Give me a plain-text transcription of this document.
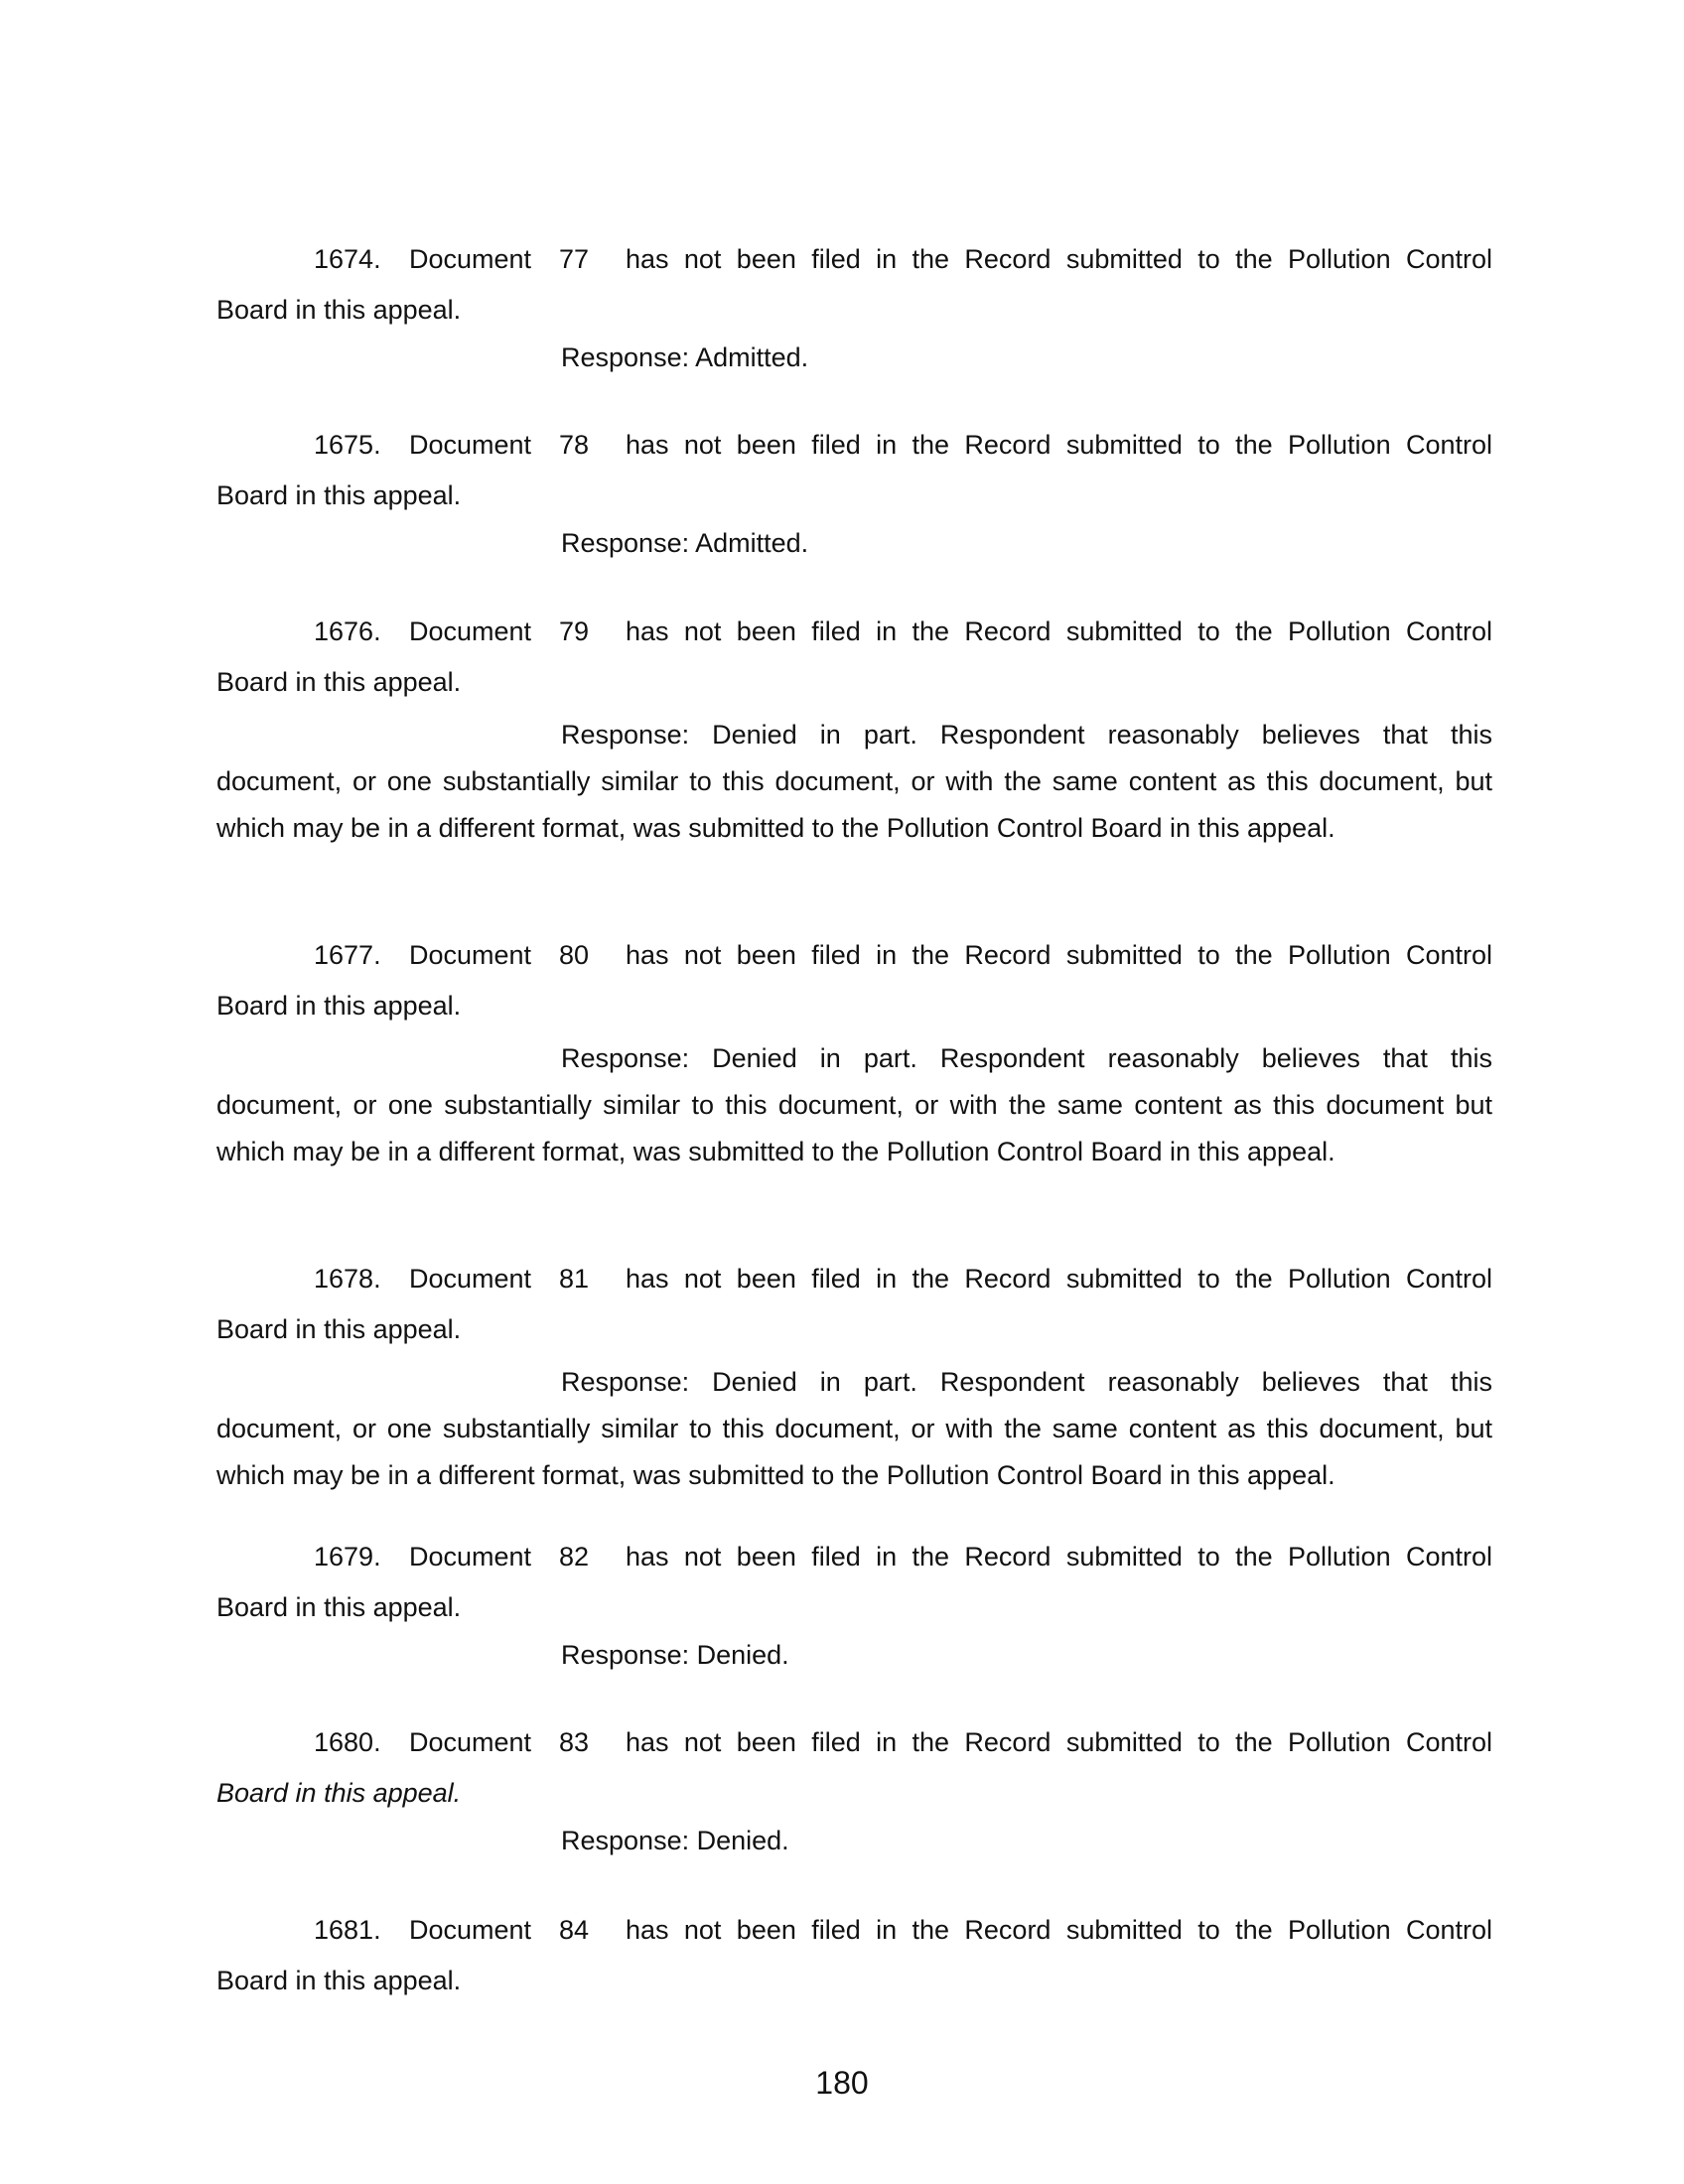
1674. Document 77 has not been filed in the Record submitted to the Pollution Control
Board in this appeal.
Response: Admitted.
1675. Document 78 has not been filed in the Record submitted to the Pollution Control
Board in this appeal.
Response: Admitted.
1676. Document 79 has not been filed in the Record submitted to the Pollution Control
Board in this appeal.
Response: Denied in part. Respondent reasonably believes that this document, or one substantially similar to this document, or with the same content as this document, but which may be in a different format, was submitted to the Pollution Control Board in this appeal.
1677. Document 80 has not been filed in the Record submitted to the Pollution Control
Board in this appeal.
Response: Denied in part. Respondent reasonably believes that this document, or one substantially similar to this document, or with the same content as this document but which may be in a different format, was submitted to the Pollution Control Board in this appeal.
1678. Document 81 has not been filed in the Record submitted to the Pollution Control
Board in this appeal.
Response: Denied in part. Respondent reasonably believes that this document, or one substantially similar to this document, or with the same content as this document, but which may be in a different format, was submitted to the Pollution Control Board in this appeal.
1679. Document 82 has not been filed in the Record submitted to the Pollution Control
Board in this appeal.
Response: Denied.
1680. Document 83 has not been filed in the Record submitted to the Pollution Control
Board in this appeal.
Response: Denied.
1681. Document 84 has not been filed in the Record submitted to the Pollution Control
Board in this appeal.
180
